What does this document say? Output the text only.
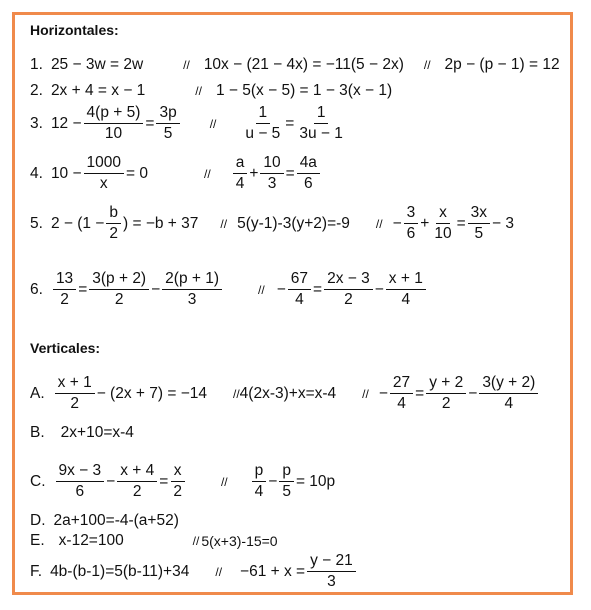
Horizontales:
1. 25 − 3w = 2w	// 10x − (21 − 4x) = −11(5 − 2x) // 2p − (p − 1) = 12
2. 2x + 4 = x − 1	// 1 − 5(x − 5) = 1 − 3(x − 1)
3. $12 - \frac{4(p + 5)}{10} = \frac{3p}{5}$	// $\frac{1}{u - 5} = \frac{1}{3u - 1}$
4. $10 - \frac{1000}{x} = 0$	// $\frac{a}{4} + \frac{10}{3} = \frac{4a}{6}$
5. $2 - (1 - \frac{b}{2}$ ) = −b + 37 // 5(y-1)-3(y+2)=-9 // − $\frac{3}{6} + \frac{x}{10} = \frac{3x}{5} - 3$
6. $\frac{13}{2} = \frac{3(p + 2)}{2} - \frac{2(p + 1)}{3}$	// − $\frac{67}{4} = \frac{2x - 3}{2} - \frac{x + 1}{4}$
Verticales:
A. $\frac{x + 1}{2} - (2x + 7) = -14 // 4(2x-3)+x=x-4$ // − $\frac{27}{4} = \frac{y + 2}{2} - \frac{3(y + 2)}{4}$
B. 2x+10=x-4
C. $\frac{9x - 3}{6} - \frac{x + 4}{2} = \frac{x}{2}$	// $\frac{p}{4} - \frac{p}{5} = 10p$
D. 2a+100=-4-(a+52)
E. x-12=100	// 5(x+3)-15=0
F. $4b-(b-1)=5(b-11)+34 // -61 + x = \frac{y - 21}{3}$
